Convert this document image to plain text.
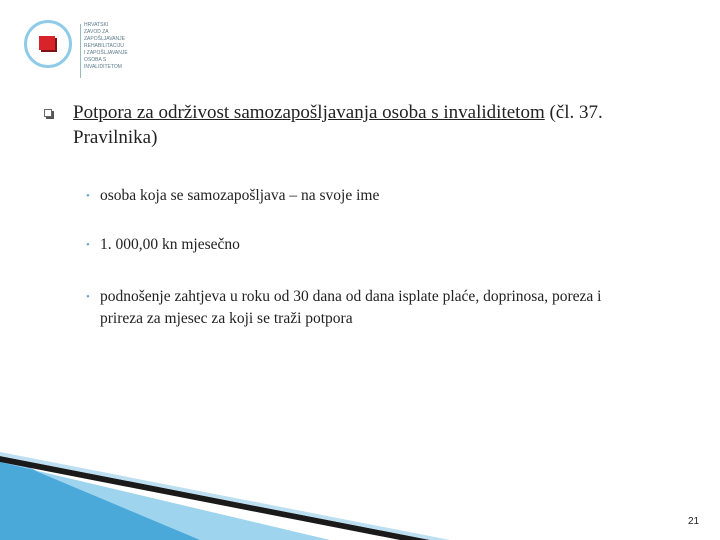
HRVATSKI
ZAVOD ZA
ZAPOŠLJAVANJE
REHABILITACIJU
I ZAPOŠLJAVANJE
OSOBA S
INVALIDITETOM
Potpora za održivost samozapošljavanja osoba s invaliditetom (čl. 37. Pravilnika)
• osoba koja se samozapošljava – na svoje ime
• 1. 000,00 kn mjesečno
• podnošenje zahtjeva u roku od 30 dana od dana isplate plaće, doprinosa, poreza i prireza za mjesec za koji se traži potpora
21
